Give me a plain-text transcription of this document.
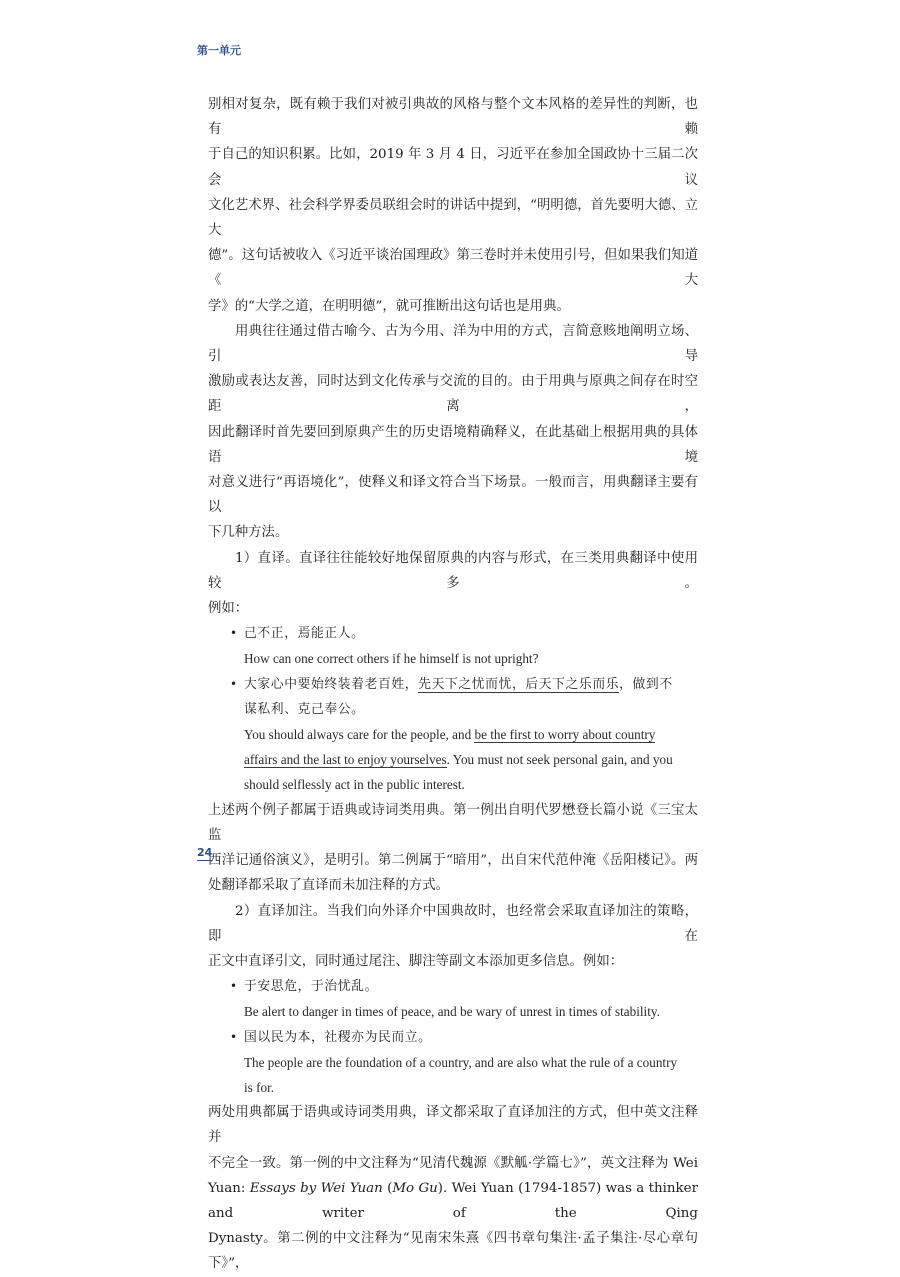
第一单元

别相对复杂，既有赖于我们对被引典故的风格与整个文本风格的差异性的判断，也有赖

于自己的知识积累。比如，2019 年 3 月 4 日，习近平在参加全国政协十三届二次会议

文化艺术界、社会科学界委员联组会时的讲话中提到，“明明德，首先要明大德、立大

德”。这句话被收入《习近平谈治国理政》第三卷时并未使用引号，但如果我们知道《大

学》的“大学之道，在明明德”，就可推断出这句话也是用典。

用典往往通过借古喻今、古为今用、洋为中用的方式，言简意赅地阐明立场、引导

激励或表达友善，同时达到文化传承与交流的目的。由于用典与原典之间存在时空距离，

因此翻译时首先要回到原典产生的历史语境精确释义，在此基础上根据用典的具体语境

对意义进行“再语境化”，使释义和译文符合当下场景。一般而言，用典翻译主要有以

下几种方法。

1）直译。直译往往能较好地保留原典的内容与形式，在三类用典翻译中使用较多。

例如：

• 己不正，焉能正人。

How can one correct others if he himself is not upright?

• 大家心中要始终装着老百姓，先天下之忧而忧，后天下之乐而乐，做到不

谋私利、克己奉公。

You should always care for the people, and be the first to worry about country

affairs and the last to enjoy yourselves. You must not seek personal gain, and you

should selflessly act in the public interest.

上述两个例子都属于语典或诗词类用典。第一例出自明代罗懋登长篇小说《三宝太监

西洋记通俗演义》，是明引。第二例属于“暗用”，出自宋代范仲淹《岳阳楼记》。两

处翻译都采取了直译而未加注释的方式。

2）直译加注。当我们向外译介中国典故时，也经常会采取直译加注的策略，即在

正文中直译引文，同时通过尾注、脚注等副文本添加更多信息。例如：

• 于安思危，于治忧乱。

Be alert to danger in times of peace, and be wary of unrest in times of stability.

• 国以民为本，社稷亦为民而立。

The people are the foundation of a country, and are also what the rule of a country

is for.

两处用典都属于语典或诗词类用典，译文都采取了直译加注的方式，但中英文注释并

不完全一致。第一例的中文注释为“见清代魏源《默觚·学篇七》”，英文注释为 Wei

Yuan: Essays by Wei Yuan (Mo Gu). Wei Yuan (1794-1857) was a thinker and writer of the Qing

Dynasty。第二例的中文注释为“见南宋朱熹《四书章句集注·孟子集注·尽心章句下》”，

24
